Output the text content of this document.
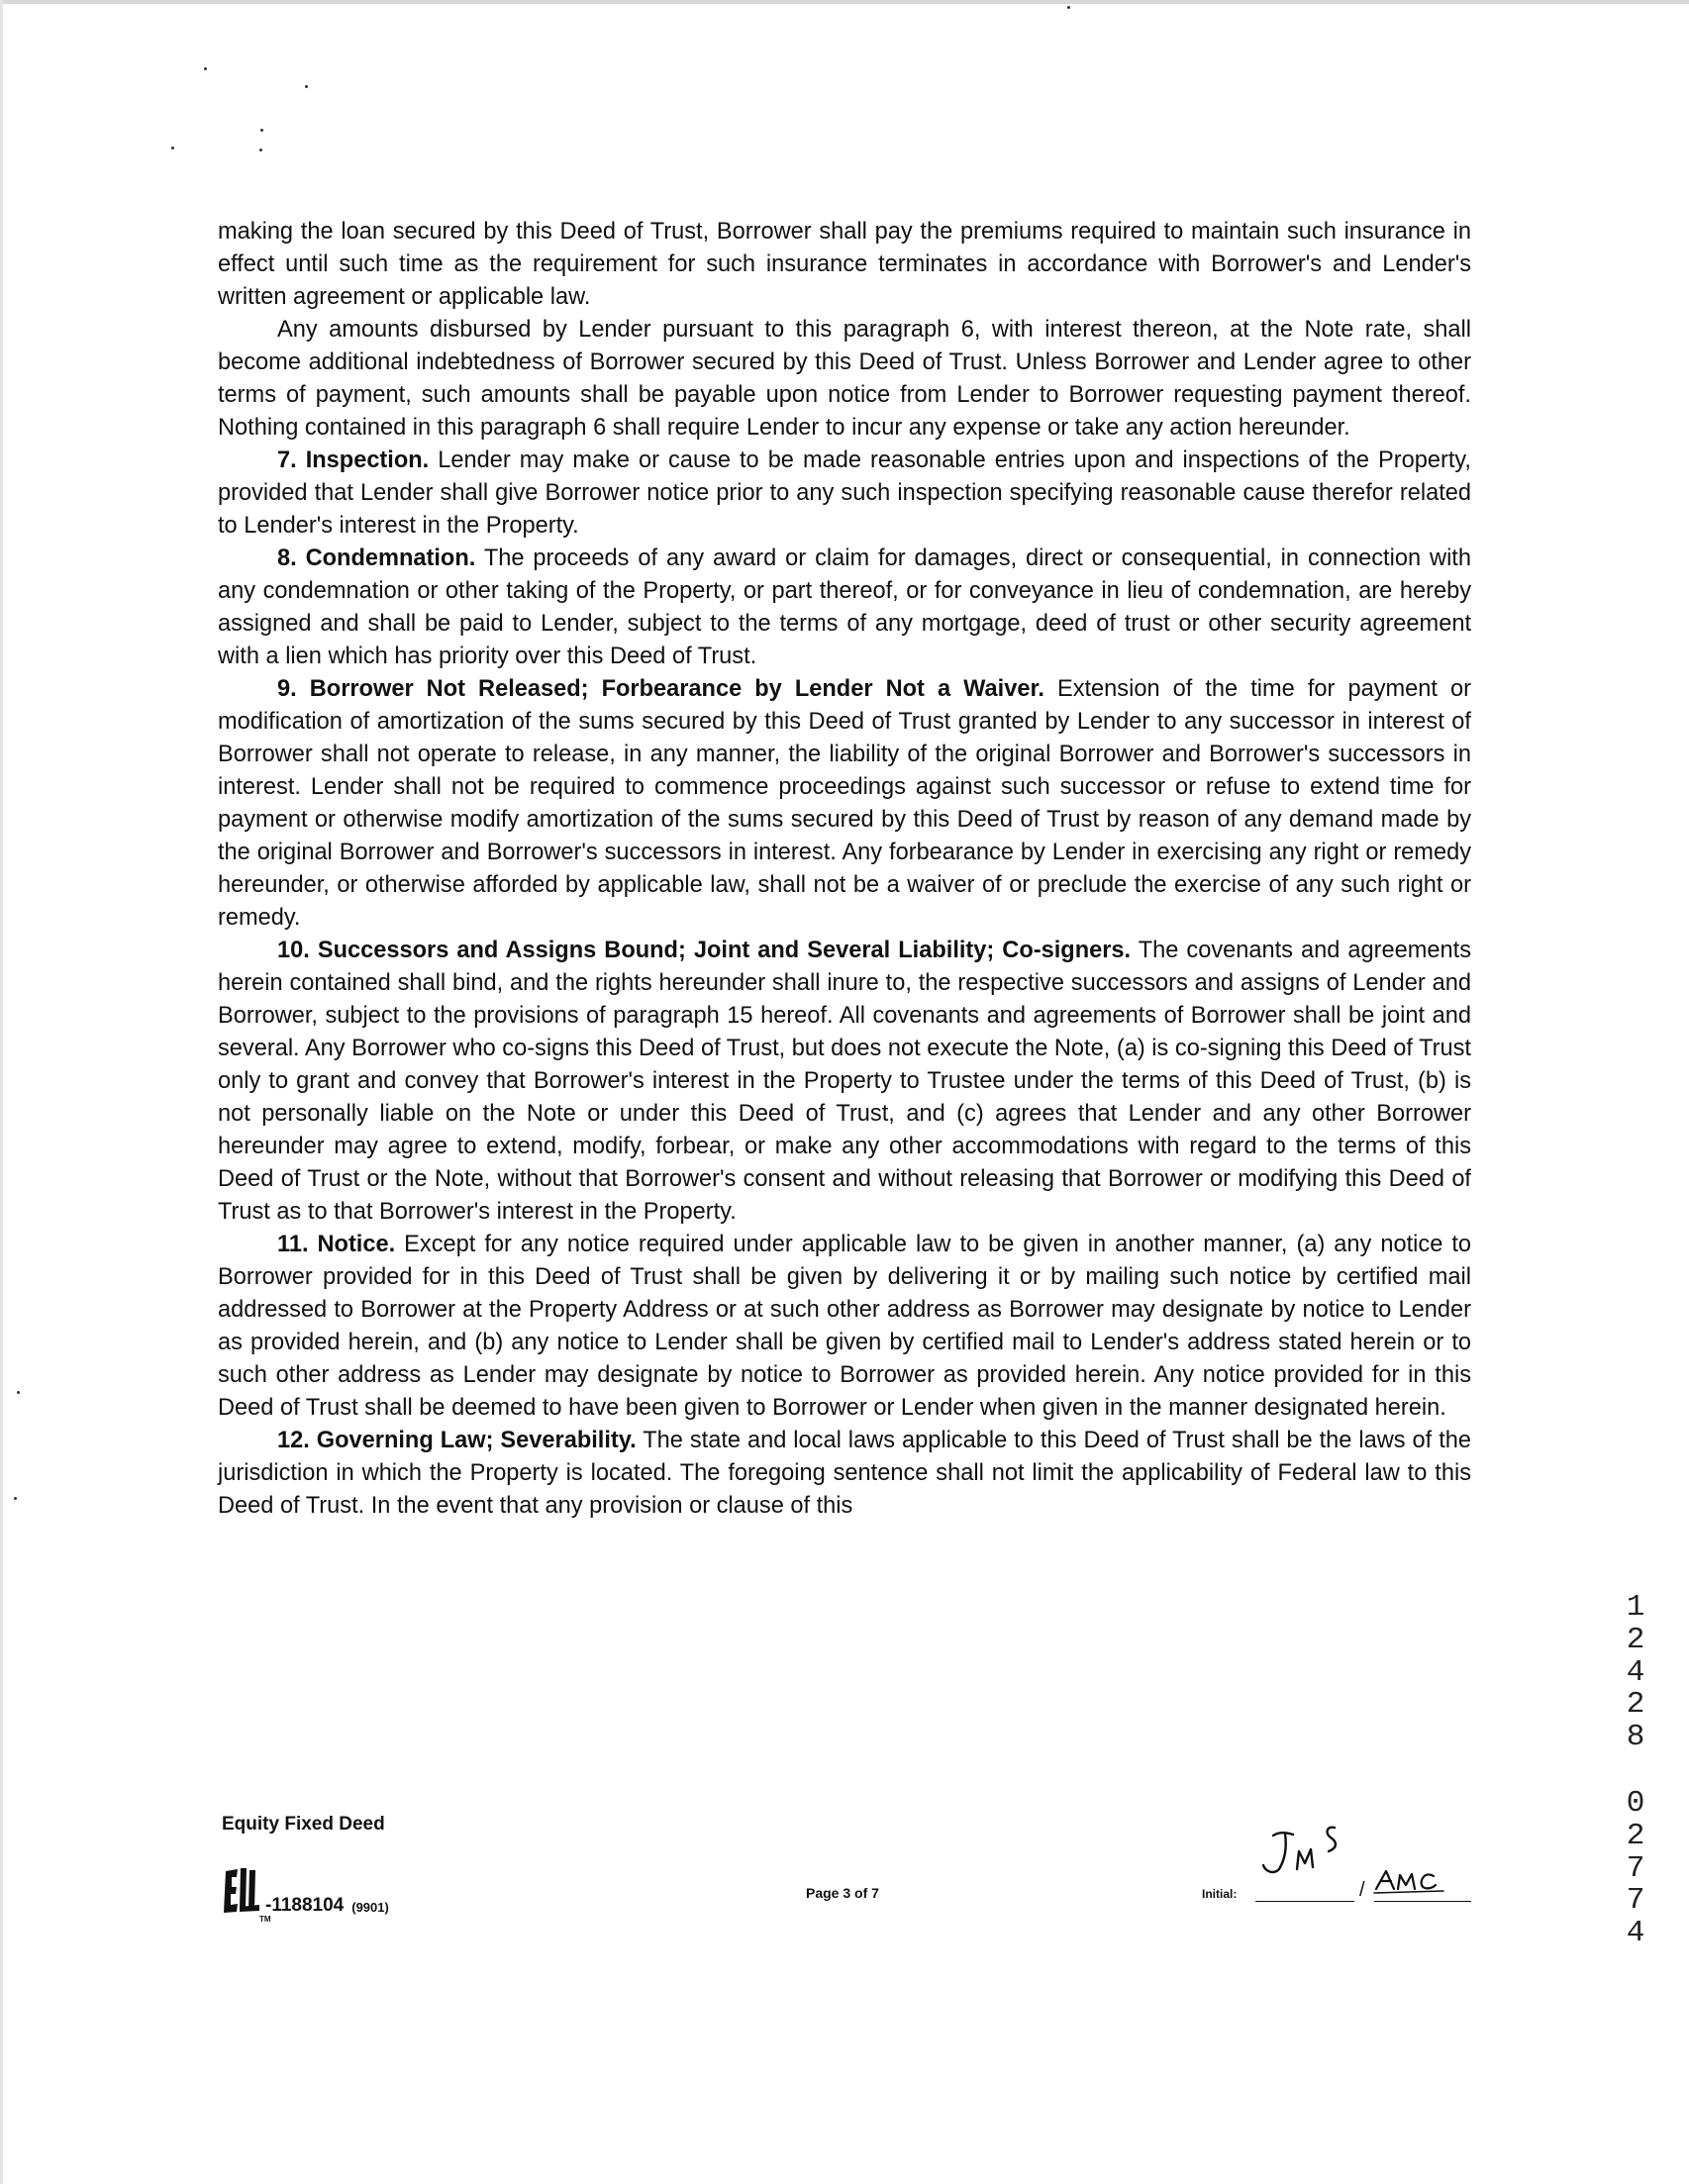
making the loan secured by this Deed of Trust, Borrower shall pay the premiums required to maintain such insurance in effect until such time as the requirement for such insurance terminates in accordance with Borrower's and Lender's written agreement or applicable law.

Any amounts disbursed by Lender pursuant to this paragraph 6, with interest thereon, at the Note rate, shall become additional indebtedness of Borrower secured by this Deed of Trust. Unless Borrower and Lender agree to other terms of payment, such amounts shall be payable upon notice from Lender to Borrower requesting payment thereof. Nothing contained in this paragraph 6 shall require Lender to incur any expense or take any action hereunder.

7. Inspection. Lender may make or cause to be made reasonable entries upon and inspections of the Property, provided that Lender shall give Borrower notice prior to any such inspection specifying reasonable cause therefor related to Lender's interest in the Property.

8. Condemnation. The proceeds of any award or claim for damages, direct or consequential, in connection with any condemnation or other taking of the Property, or part thereof, or for conveyance in lieu of condemnation, are hereby assigned and shall be paid to Lender, subject to the terms of any mortgage, deed of trust or other security agreement with a lien which has priority over this Deed of Trust.

9. Borrower Not Released; Forbearance by Lender Not a Waiver. Extension of the time for payment or modification of amortization of the sums secured by this Deed of Trust granted by Lender to any successor in interest of Borrower shall not operate to release, in any manner, the liability of the original Borrower and Borrower's successors in interest. Lender shall not be required to commence proceedings against such successor or refuse to extend time for payment or otherwise modify amortization of the sums secured by this Deed of Trust by reason of any demand made by the original Borrower and Borrower's successors in interest. Any forbearance by Lender in exercising any right or remedy hereunder, or otherwise afforded by applicable law, shall not be a waiver of or preclude the exercise of any such right or remedy.

10. Successors and Assigns Bound; Joint and Several Liability; Co-signers. The covenants and agreements herein contained shall bind, and the rights hereunder shall inure to, the respective successors and assigns of Lender and Borrower, subject to the provisions of paragraph 15 hereof. All covenants and agreements of Borrower shall be joint and several. Any Borrower who co-signs this Deed of Trust, but does not execute the Note, (a) is co-signing this Deed of Trust only to grant and convey that Borrower's interest in the Property to Trustee under the terms of this Deed of Trust, (b) is not personally liable on the Note or under this Deed of Trust, and (c) agrees that Lender and any other Borrower hereunder may agree to extend, modify, forbear, or make any other accommodations with regard to the terms of this Deed of Trust or the Note, without that Borrower's consent and without releasing that Borrower or modifying this Deed of Trust as to that Borrower's interest in the Property.

11. Notice. Except for any notice required under applicable law to be given in another manner, (a) any notice to Borrower provided for in this Deed of Trust shall be given by delivering it or by mailing such notice by certified mail addressed to Borrower at the Property Address or at such other address as Borrower may designate by notice to Lender as provided herein, and (b) any notice to Lender shall be given by certified mail to Lender's address stated herein or to such other address as Lender may designate by notice to Borrower as provided herein. Any notice provided for in this Deed of Trust shall be deemed to have been given to Borrower or Lender when given in the manner designated herein.

12. Governing Law; Severability. The state and local laws applicable to this Deed of Trust shall be the laws of the jurisdiction in which the Property is located. The foregoing sentence shall not limit the applicability of Federal law to this Deed of Trust. In the event that any provision or clause of this

Equity Fixed Deed
-1188104 (9901)
TM
Page 3 of 7	Initial:	/
1
2
4
2
8
0
2
7
7
4
